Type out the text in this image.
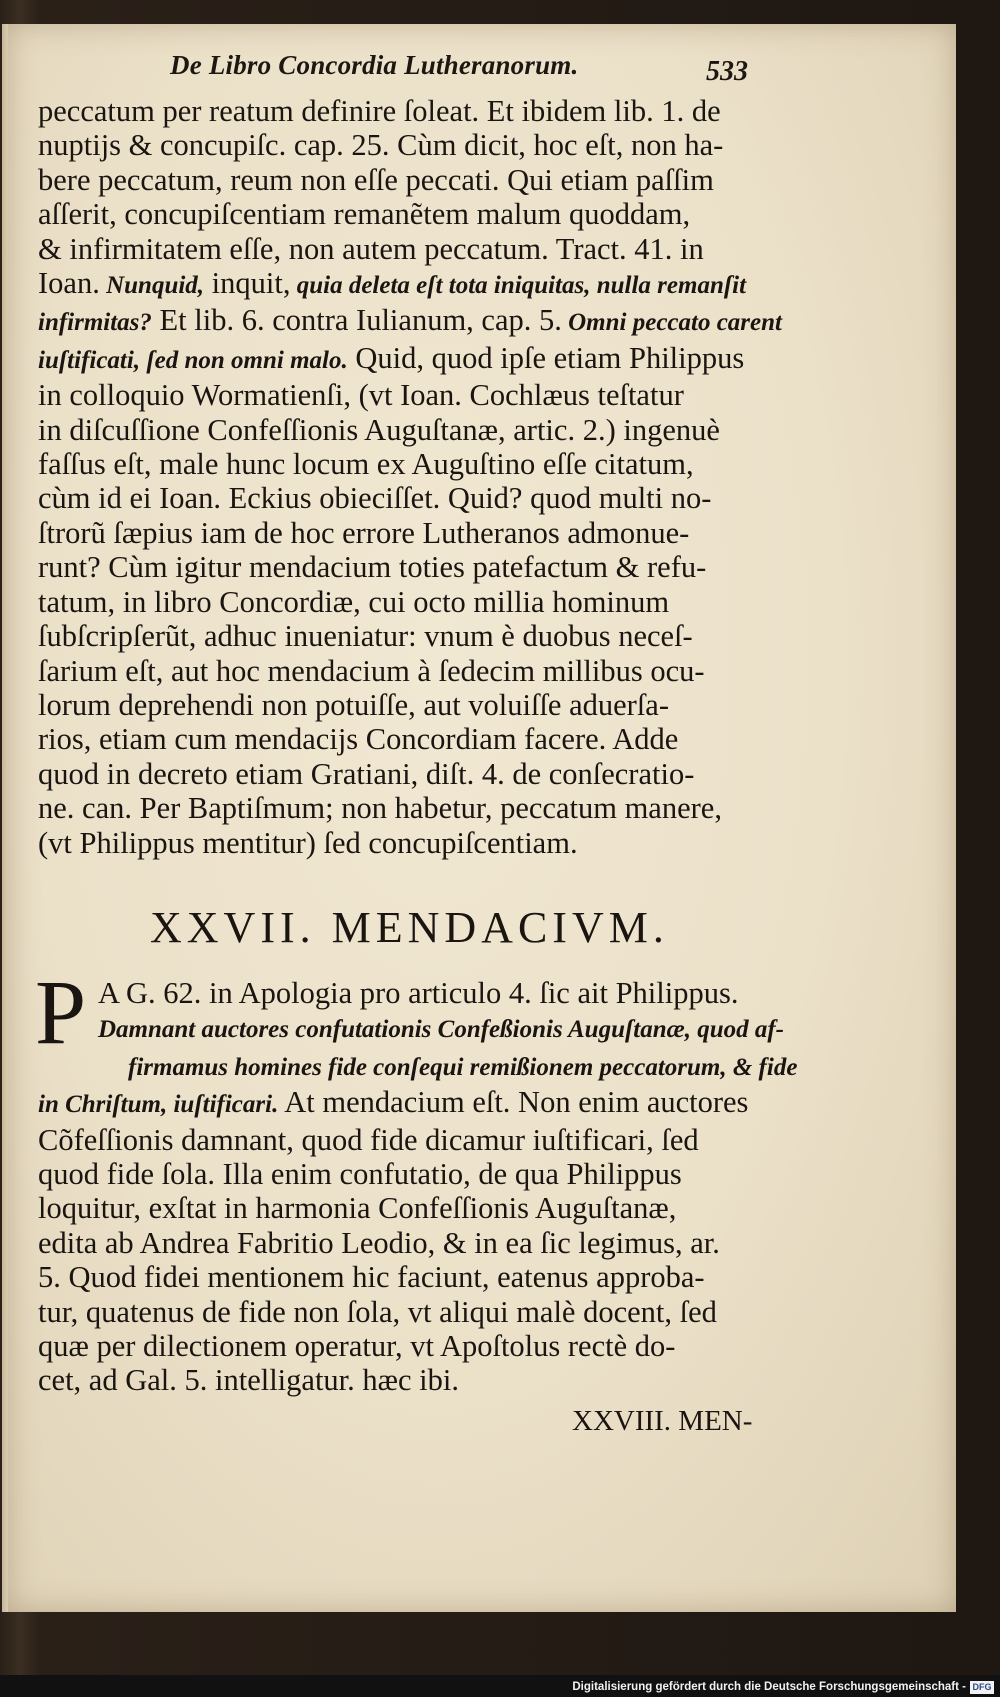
De Libro Concordia Lutheranorum.	533
peccatum per reatum definire ſoleat. Et ibidem lib. 1. de
nuptijs & concupiſc. cap. 25. Cùm dicit, hoc eſt, non ha-
bere peccatum, reum non eſſe peccati. Qui etiam paſſim
aſſerit, concupiſcentiam remanẽtem malum quoddam,
& infirmitatem eſſe, non autem peccatum. Tract. 41. in
Ioan. Nunquid, inquit, quia deleta eſt tota iniquitas, nulla remanſit
infirmitas? Et lib. 6. contra Iulianum, cap. 5. Omni peccato carent
iuſtificati, ſed non omni malo. Quid, quod ipſe etiam Philippus
in colloquio Wormatienſi, (vt Ioan. Cochlæus teſtatur
in diſcuſſione Confeſſionis Auguſtanæ, artic. 2.) ingenuè
faſſus eſt, male hunc locum ex Auguſtino eſſe citatum,
cùm id ei Ioan. Eckius obieciſſet. Quid? quod multi no-
ſtrorũ ſæpius iam de hoc errore Lutheranos admonue-
runt? Cùm igitur mendacium toties patefactum & refu-
tatum, in libro Concordiæ, cui octo millia hominum
ſubſcripſerũt, adhuc inueniatur: vnum è duobus neceſ-
ſarium eſt, aut hoc mendacium à ſedecim millibus ocu-
lorum deprehendi non potuiſſe, aut voluiſſe aduerſa-
rios, etiam cum mendacijs Concordiam facere. Adde
quod in decreto etiam Gratiani, diſt. 4. de conſecratio-
ne. can. Per Baptiſmum; non habetur, peccatum manere,
(vt Philippus mentitur) ſed concupiſcentiam.
XXVII. MENDACIVM.
P A G. 62. in Apologia pro articulo 4. ſic ait Philippus.
Damnant auctores confutationis Confeßionis Auguſtanæ, quod af-
firmamus homines fide conſequi remißionem peccatorum, & fide
in Chriſtum, iuſtificari. At mendacium eſt. Non enim auctores
Cõfeſſionis damnant, quod fide dicamur iuſtificari, ſed
quod fide ſola. Illa enim confutatio, de qua Philippus
loquitur, exſtat in harmonia Confeſſionis Auguſtanæ,
edita ab Andrea Fabritio Leodio, & in ea ſic legimus, ar.
5. Quod fidei mentionem hic faciunt, eatenus approba-
tur, quatenus de fide non ſola, vt aliqui malè docent, ſed
quæ per dilectionem operatur, vt Apoſtolus rectè do-
cet, ad Gal. 5. intelligatur. hæc ibi.
XXVIII. MEN-
Digitalisierung gefördert durch die Deutsche Forschungsgemeinschaft - DFG
